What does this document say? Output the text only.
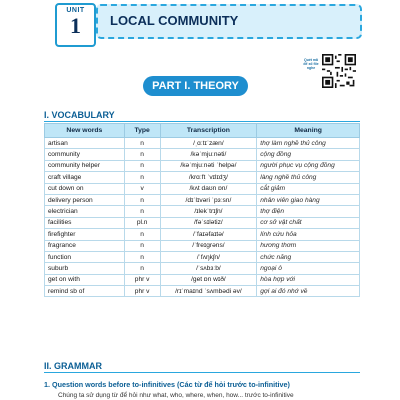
UNIT
1	LOCAL COMMUNITY
Quét mã để xổ file nghe
PART I. THEORY
I. VOCABULARY
New words	Type	Transcription	Meaning
artisan	n	/ˌɑːtɪˈzæn/	thợ làm nghề thủ công
community	n	/kəˈmjuːnəti/	cộng đồng
community helper	n	/kəˈmjuːnəti ˈhelpə/	người phục vụ cộng đồng
craft village	n	/krɑːft ˈvɪlɪdʒ/	làng nghề thủ công
cut down on	v	/kʌt daʊn ɒn/	cắt giảm
delivery person	n	/dɪˈlɪvəri ˈpɜːsn/	nhân viên giao hàng
electrician	n	/ɪlekˈtrɪʃn/	thợ điện
facilities	pl.n	/fəˈsɪlətiz/	cơ sở vật chất
firefighter	n	/ˈfaɪəfaɪtə/	lính cứu hỏa
fragrance	n	/ˈfreɪɡrəns/	hương thơm
function	n	/ˈfʌŋkʃn/	chức năng
suburb	n	/ˈsʌbɜːb/	ngoại ô
get on with	phr v	/ɡet ɒn wɪð/	hòa hợp với
remind sb of	phr v	/rɪˈmaɪnd ˈsʌmbədi əv/	gợi ai đó nhớ về
II. GRAMMAR
1. Question words before to-infinitives (Các từ để hỏi trước to-infinitive)
Chúng ta sử dụng từ để hỏi như what, who, where, when, how... trước to-infinitive
